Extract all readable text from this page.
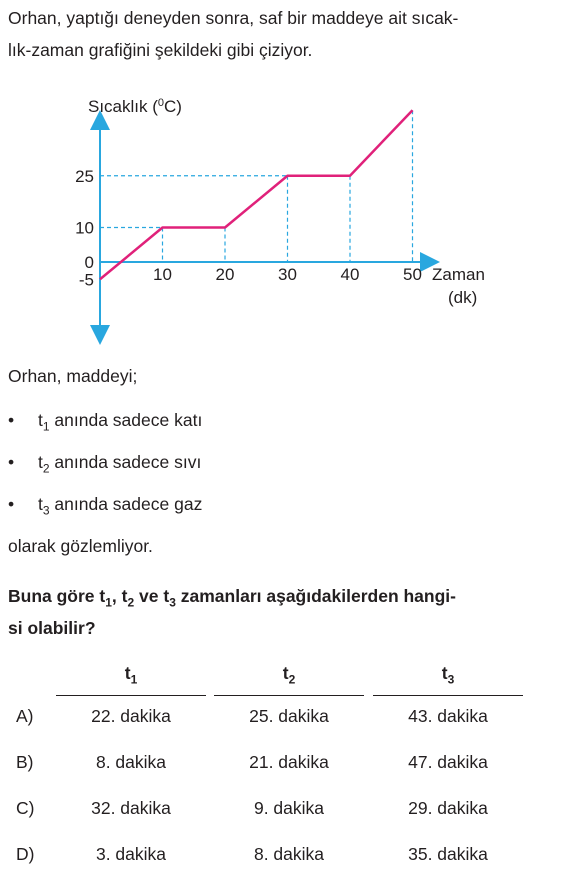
Orhan, yaptığı deneyden sonra, saf bir maddeye ait sıcak-
lık-zaman grafiğini şekildeki gibi çiziyor.
Sıcaklık ($^0$C)
Zaman
(dk)
10	20	30	40	50
25
10
0
-5
Orhan, maddeyi;
• $t_1$ anında sadece katı
• $t_2$ anında sadece sıvı
• $t_3$ anında sadece gaz
olarak gözlemliyor.
Buna göre $t_1$, $t_2$ ve $t_3$ zamanları aşağıdakilerden hangi-
si olabilir?
$t_1$	$t_2$	$t_3$
A)	22. dakika	25. dakika	43. dakika
B)	8. dakika	21. dakika	47. dakika
C)	32. dakika	9. dakika	29. dakika
D)	3. dakika	8. dakika	35. dakika
